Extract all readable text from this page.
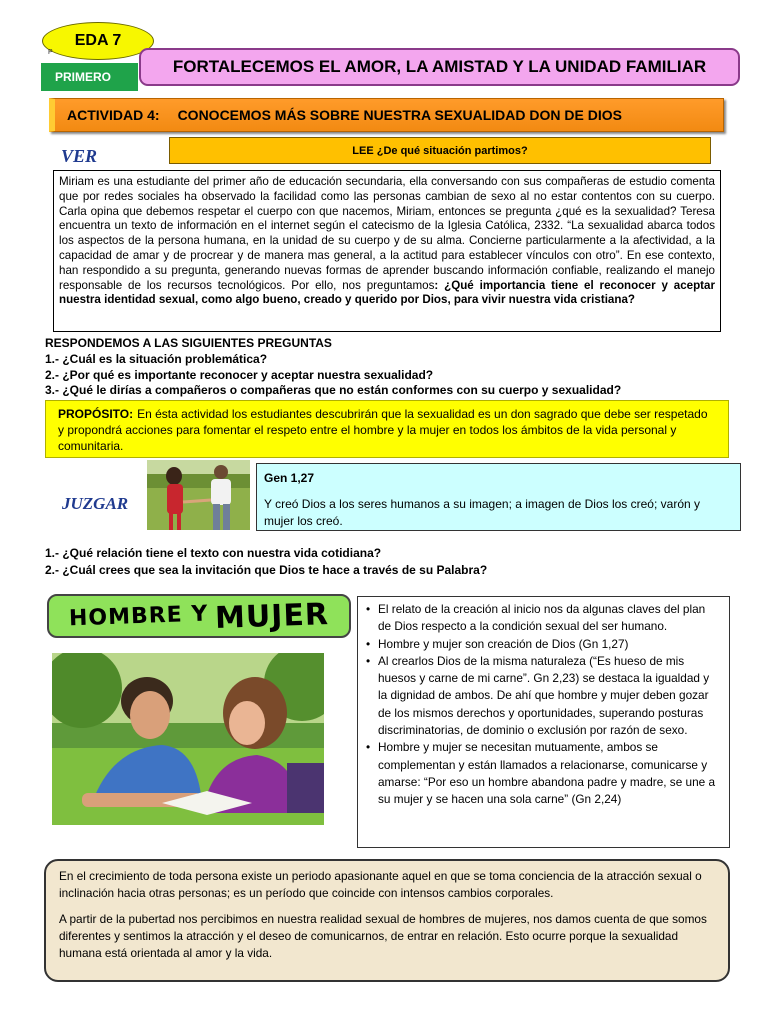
EDA 7
P
PRIMERO
FORTALECEMOS EL AMOR, LA AMISTAD Y LA UNIDAD FAMILIAR
ACTIVIDAD 4: CONOCEMOS MÁS SOBRE NUESTRA SEXUALIDAD DON DE DIOS
VER	LEE ¿De qué situación partimos?
Miriam es una estudiante del primer año de educación secundaria, ella conversando con sus compañeras de estudio comenta que por redes sociales ha observado la facilidad como las personas cambian de sexo al no estar contentos con su cuerpo. Carla opina que debemos respetar el cuerpo con que nacemos, Miriam, entonces se pregunta ¿qué es la sexualidad? Teresa encuentra un texto de información en el internet según el catecismo de la Iglesia Católica, 2332. “La sexualidad abarca todos los aspectos de la persona humana, en la unidad de su cuerpo y de su alma. Concierne particularmente a la afectividad, a la capacidad de amar y de procrear y de manera mas general, a la actitud para establecer vínculos con otro”. En ese contexto, han respondido a su pregunta, generando nuevas formas de aprender buscando información confiable, realizando el manejo responsable de los recursos tecnológicos. Por ello, nos preguntamos: ¿Qué importancia tiene el reconocer y aceptar nuestra identidad sexual, como algo bueno, creado y querido por Dios, para vivir nuestra vida cristiana?
RESPONDEMOS A LAS SIGUIENTES PREGUNTAS
1.- ¿Cuál es la situación problemática?
2.- ¿Por qué es importante reconocer y aceptar nuestra sexualidad?
3.- ¿Qué le dirías a compañeros o compañeras que no están conformes con su cuerpo y sexualidad?
PROPÓSITO: En ésta actividad los estudiantes descubrirán que la sexualidad es un don sagrado que debe ser respetado y propondrá acciones para fomentar el respeto entre el hombre y la mujer en todos los ámbitos de la vida personal y comunitaria.
JUZGAR
Gen 1,27
Y creó Dios a los seres humanos a su imagen; a imagen de Dios los creó; varón y mujer los creó.
1.- ¿Qué relación tiene el texto con nuestra vida cotidiana?
2.- ¿Cuál crees que sea la invitación que Dios te hace a través de su Palabra?
HOMBRE Y
MUJER
•	El relato de la creación al inicio nos da algunas claves del plan de Dios respecto a la condición sexual del ser humano.
• Hombre y mujer son creación de Dios (Gn 1,27)
• Al crearlos Dios de la misma naturaleza (“Es hueso de mis huesos y carne de mi carne”. Gn 2,23) se destaca la igualdad y la dignidad de ambos. De ahí que hombre y mujer deben gozar de los mismos derechos y oportunidades, superando posturas discriminatorias, de dominio o exclusión por razón de sexo.
• Hombre y mujer se necesitan mutuamente, ambos se complementan y están llamados a relacionarse, comunicarse y amarse: “Por eso un hombre abandona padre y madre, se une a su mujer y se hacen una sola carne” (Gn 2,24)

En el crecimiento de toda persona existe un periodo apasionante aquel en que se toma conciencia de la atracción sexual o inclinación hacia otras personas; es un período que coincide con intensos cambios corporales.

A partir de la pubertad nos percibimos en nuestra realidad sexual de hombres de mujeres, nos damos cuenta de que somos diferentes y sentimos la atracción y el deseo de comunicarnos, de entrar en relación. Esto ocurre porque la sexualidad humana está orientada al amor y la vida.
